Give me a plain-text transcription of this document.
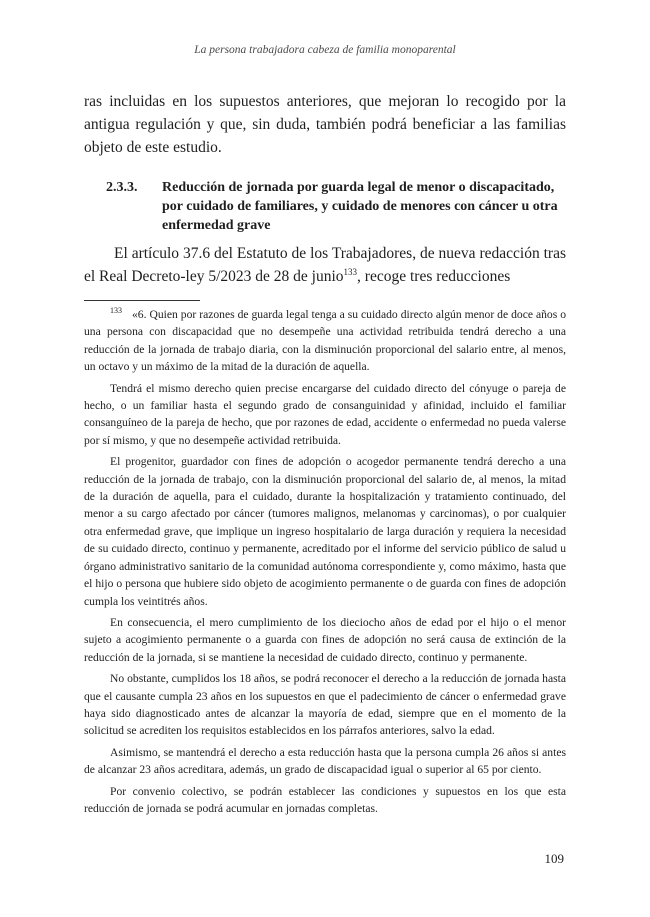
La persona trabajadora cabeza de familia monoparental

ras incluidas en los supuestos anteriores, que mejoran lo recogido por la antigua regulación y que, sin duda, también podrá beneficiar a las familias objeto de este estudio.

2.3.3.	Reducción de jornada por guarda legal de menor o discapacitado, por cuidado de familiares, y cuidado de menores con cáncer u otra enfermedad grave

El artículo 37.6 del Estatuto de los Trabajadores, de nueva redacción tras el Real Decreto-ley 5/2023 de 28 de junio$^{133}$, recoge tres reducciones

$^{133}$ «6. Quien por razones de guarda legal tenga a su cuidado directo algún menor de doce años o una persona con discapacidad que no desempeñe una actividad retribuida tendrá derecho a una reducción de la jornada de trabajo diaria, con la disminución proporcional del salario entre, al menos, un octavo y un máximo de la mitad de la duración de aquella.

Tendrá el mismo derecho quien precise encargarse del cuidado directo del cónyuge o pareja de hecho, o un familiar hasta el segundo grado de consanguinidad y afinidad, incluido el familiar consanguíneo de la pareja de hecho, que por razones de edad, accidente o enfermedad no pueda valerse por sí mismo, y que no desempeñe actividad retribuida.

El progenitor, guardador con fines de adopción o acogedor permanente tendrá derecho a una reducción de la jornada de trabajo, con la disminución proporcional del salario de, al menos, la mitad de la duración de aquella, para el cuidado, durante la hospitalización y tratamiento continuado, del menor a su cargo afectado por cáncer (tumores malignos, melanomas y carcinomas), o por cualquier otra enfermedad grave, que implique un ingreso hospitalario de larga duración y requiera la necesidad de su cuidado directo, continuo y permanente, acreditado por el informe del servicio público de salud u órgano administrativo sanitario de la comunidad autónoma correspondiente y, como máximo, hasta que el hijo o persona que hubiere sido objeto de acogimiento permanente o de guarda con fines de adopción cumpla los veintitrés años.

En consecuencia, el mero cumplimiento de los dieciocho años de edad por el hijo o el menor sujeto a acogimiento permanente o a guarda con fines de adopción no será causa de extinción de la reducción de la jornada, si se mantiene la necesidad de cuidado directo, continuo y permanente.

No obstante, cumplidos los 18 años, se podrá reconocer el derecho a la reducción de jornada hasta que el causante cumpla 23 años en los supuestos en que el padecimiento de cáncer o enfermedad grave haya sido diagnosticado antes de alcanzar la mayoría de edad, siempre que en el momento de la solicitud se acrediten los requisitos establecidos en los párrafos anteriores, salvo la edad.

Asimismo, se mantendrá el derecho a esta reducción hasta que la persona cumpla 26 años si antes de alcanzar 23 años acreditara, además, un grado de discapacidad igual o superior al 65 por ciento.

Por convenio colectivo, se podrán establecer las condiciones y supuestos en los que esta reducción de jornada se podrá acumular en jornadas completas.

109
